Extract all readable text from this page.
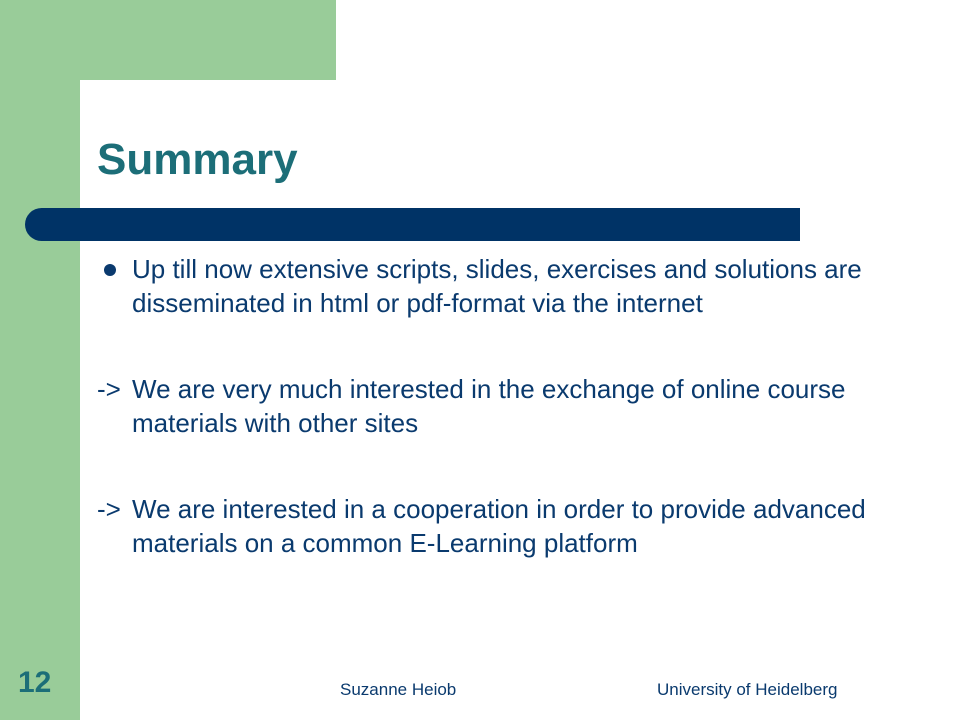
Summary

Up till now extensive scripts, slides, exercises and solutions are disseminated in html or pdf-format via the internet

-> We are very much interested in the exchange of online course materials with other sites

-> We are interested in a cooperation in order to provide advanced materials on a common E-Learning platform

12	Suzanne Heiob	University of Heidelberg
